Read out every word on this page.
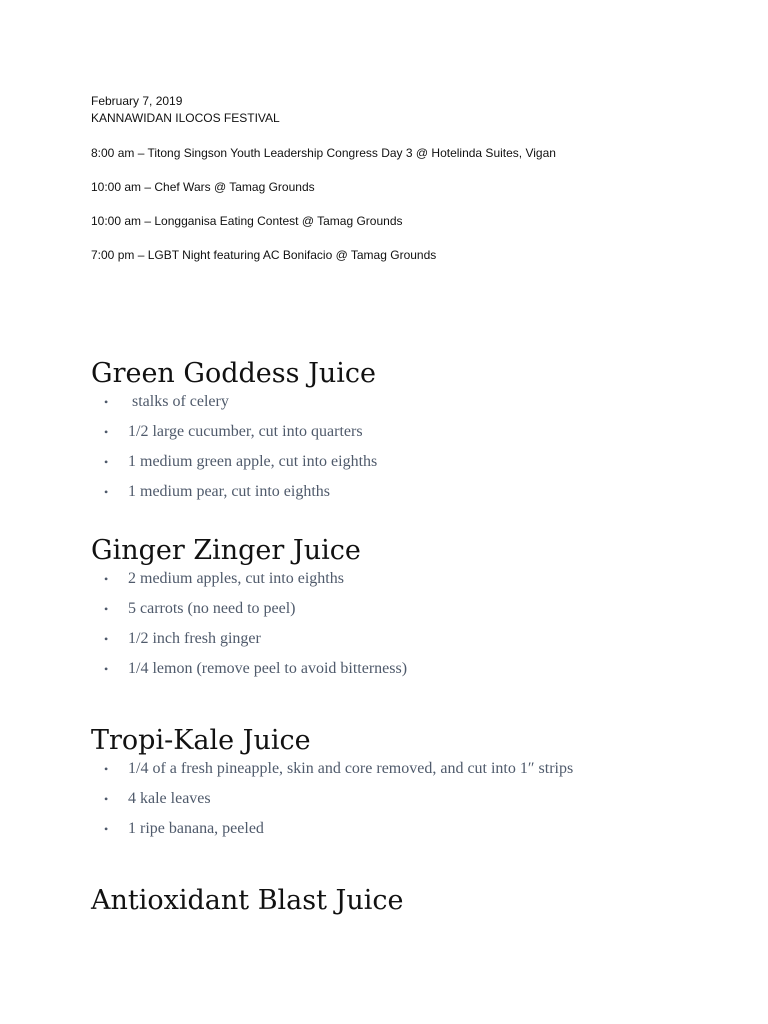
February 7, 2019
KANNAWIDAN ILOCOS FESTIVAL
8:00 am – Titong Singson Youth Leadership Congress Day 3 @ Hotelinda Suites, Vigan
10:00 am – Chef Wars @ Tamag Grounds
10:00 am – Longganisa Eating Contest @ Tamag Grounds
7:00 pm – LGBT Night featuring AC Bonifacio @ Tamag Grounds
Green Goddess Juice
• stalks of celery
• 1/2 large cucumber, cut into quarters
• 1 medium green apple, cut into eighths
• 1 medium pear, cut into eighths
Ginger Zinger Juice
• 2 medium apples, cut into eighths
• 5 carrots (no need to peel)
• 1/2 inch fresh ginger
• 1/4 lemon (remove peel to avoid bitterness)
Tropi-Kale Juice
• 1/4 of a fresh pineapple, skin and core removed, and cut into 1″ strips
• 4 kale leaves
• 1 ripe banana, peeled
Antioxidant Blast Juice
